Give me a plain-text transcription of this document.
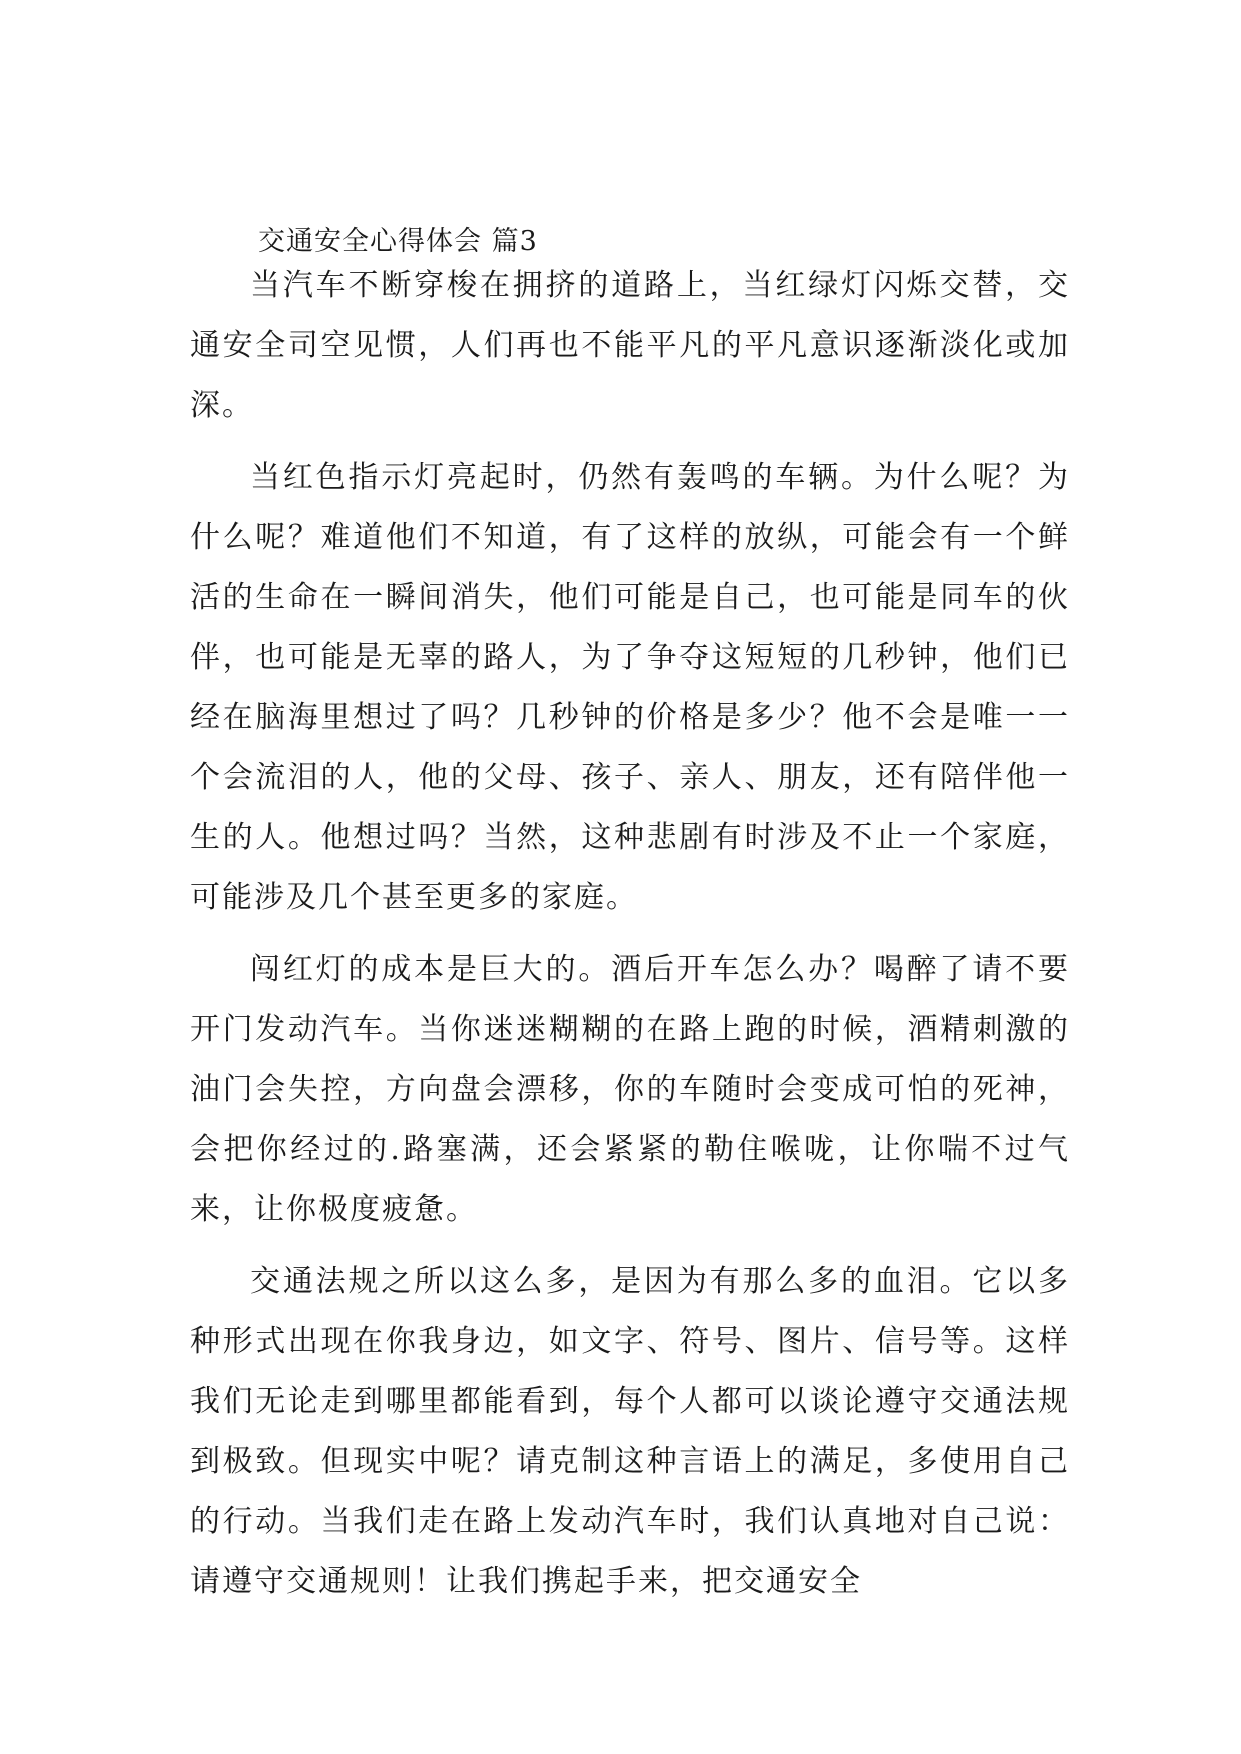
交通安全心得体会 篇3

当汽车不断穿梭在拥挤的道路上，当红绿灯闪烁交替，交通安全司空见惯，人们再也不能平凡的平凡意识逐渐淡化或加深。

当红色指示灯亮起时，仍然有轰鸣的车辆。为什么呢？为什么呢？难道他们不知道，有了这样的放纵，可能会有一个鲜活的生命在一瞬间消失，他们可能是自己，也可能是同车的伙伴，也可能是无辜的路人，为了争夺这短短的几秒钟，他们已经在脑海里想过了吗？几秒钟的价格是多少？他不会是唯一一个会流泪的人，他的父母、孩子、亲人、朋友，还有陪伴他一生的人。他想过吗？当然，这种悲剧有时涉及不止一个家庭，可能涉及几个甚至更多的家庭。

闯红灯的成本是巨大的。酒后开车怎么办？喝醉了请不要开门发动汽车。当你迷迷糊糊的在路上跑的时候，酒精刺激的油门会失控，方向盘会漂移，你的车随时会变成可怕的死神，会把你经过的.路塞满，还会紧紧的勒住喉咙，让你喘不过气来，让你极度疲惫。

交通法规之所以这么多，是因为有那么多的血泪。它以多种形式出现在你我身边，如文字、符号、图片、信号等。这样我们无论走到哪里都能看到，每个人都可以谈论遵守交通法规到极致。但现实中呢？请克制这种言语上的满足，多使用自己的行动。当我们走在路上发动汽车时，我们认真地对自己说：请遵守交通规则！让我们携起手来，把交通安全
